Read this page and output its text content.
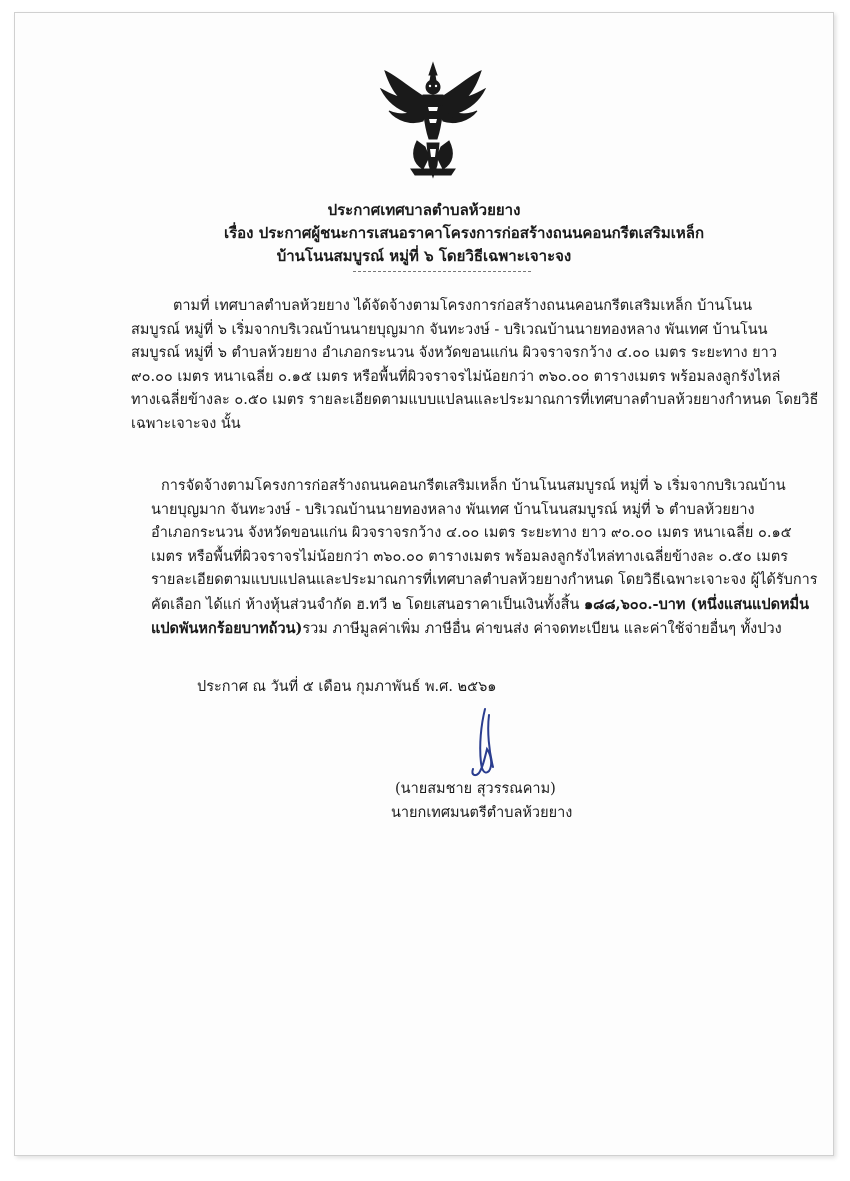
ประกาศเทศบาลตำบลห้วยยาง
เรื่อง ประกาศผู้ชนะการเสนอราคาโครงการก่อสร้างถนนคอนกรีตเสริมเหล็ก
บ้านโนนสมบูรณ์ หมู่ที่ ๖ โดยวิธีเฉพาะเจาะจง
ตามที่ เทศบาลตำบลห้วยยาง ได้จัดจ้างตามโครงการก่อสร้างถนนคอนกรีตเสริมเหล็ก บ้านโนน
สมบูรณ์ หมู่ที่ ๖ เริ่มจากบริเวณบ้านนายบุญมาก จันทะวงษ์ - บริเวณบ้านนายทองหลาง พันเทศ บ้านโนน
สมบูรณ์ หมู่ที่ ๖ ตำบลห้วยยาง อำเภอกระนวน จังหวัดขอนแก่น ผิวจราจรกว้าง ๔.๐๐ เมตร ระยะทาง ยาว
๙๐.๐๐ เมตร หนาเฉลี่ย ๐.๑๕ เมตร หรือพื้นที่ผิวจราจรไม่น้อยกว่า ๓๖๐.๐๐ ตารางเมตร พร้อมลงลูกรังไหล่
ทางเฉลี่ยข้างละ ๐.๕๐ เมตร รายละเอียดตามแบบแปลนและประมาณการที่เทศบาลตำบลห้วยยางกำหนด โดยวิธี
เฉพาะเจาะจง นั้น
การจัดจ้างตามโครงการก่อสร้างถนนคอนกรีตเสริมเหล็ก บ้านโนนสมบูรณ์ หมู่ที่ ๖ เริ่มจากบริเวณบ้าน
นายบุญมาก จันทะวงษ์ - บริเวณบ้านนายทองหลาง พันเทศ บ้านโนนสมบูรณ์ หมู่ที่ ๖ ตำบลห้วยยาง
อำเภอกระนวน จังหวัดขอนแก่น ผิวจราจรกว้าง ๔.๐๐ เมตร ระยะทาง ยาว ๙๐.๐๐ เมตร หนาเฉลี่ย ๐.๑๕
เมตร หรือพื้นที่ผิวจราจรไม่น้อยกว่า ๓๖๐.๐๐ ตารางเมตร พร้อมลงลูกรังไหล่ทางเฉลี่ยข้างละ ๐.๕๐ เมตร
รายละเอียดตามแบบแปลนและประมาณการที่เทศบาลตำบลห้วยยางกำหนด โดยวิธีเฉพาะเจาะจง ผู้ได้รับการ
คัดเลือก ได้แก่ ห้างหุ้นส่วนจำกัด ฮ.ทวี ๒ โดยเสนอราคาเป็นเงินทั้งสิ้น ๑๘๘,๖๐๐.-บาท (หนึ่งแสนแปดหมื่น
แปดพันหกร้อยบาทถ้วน)รวม ภาษีมูลค่าเพิ่ม ภาษีอื่น ค่าขนส่ง ค่าจดทะเบียน และค่าใช้จ่ายอื่นๆ ทั้งปวง
ประกาศ ณ วันที่ ๕ เดือน กุมภาพันธ์ พ.ศ. ๒๕๖๑
(นายสมชาย สุวรรณคาม)
นายกเทศมนตรีตำบลห้วยยาง
